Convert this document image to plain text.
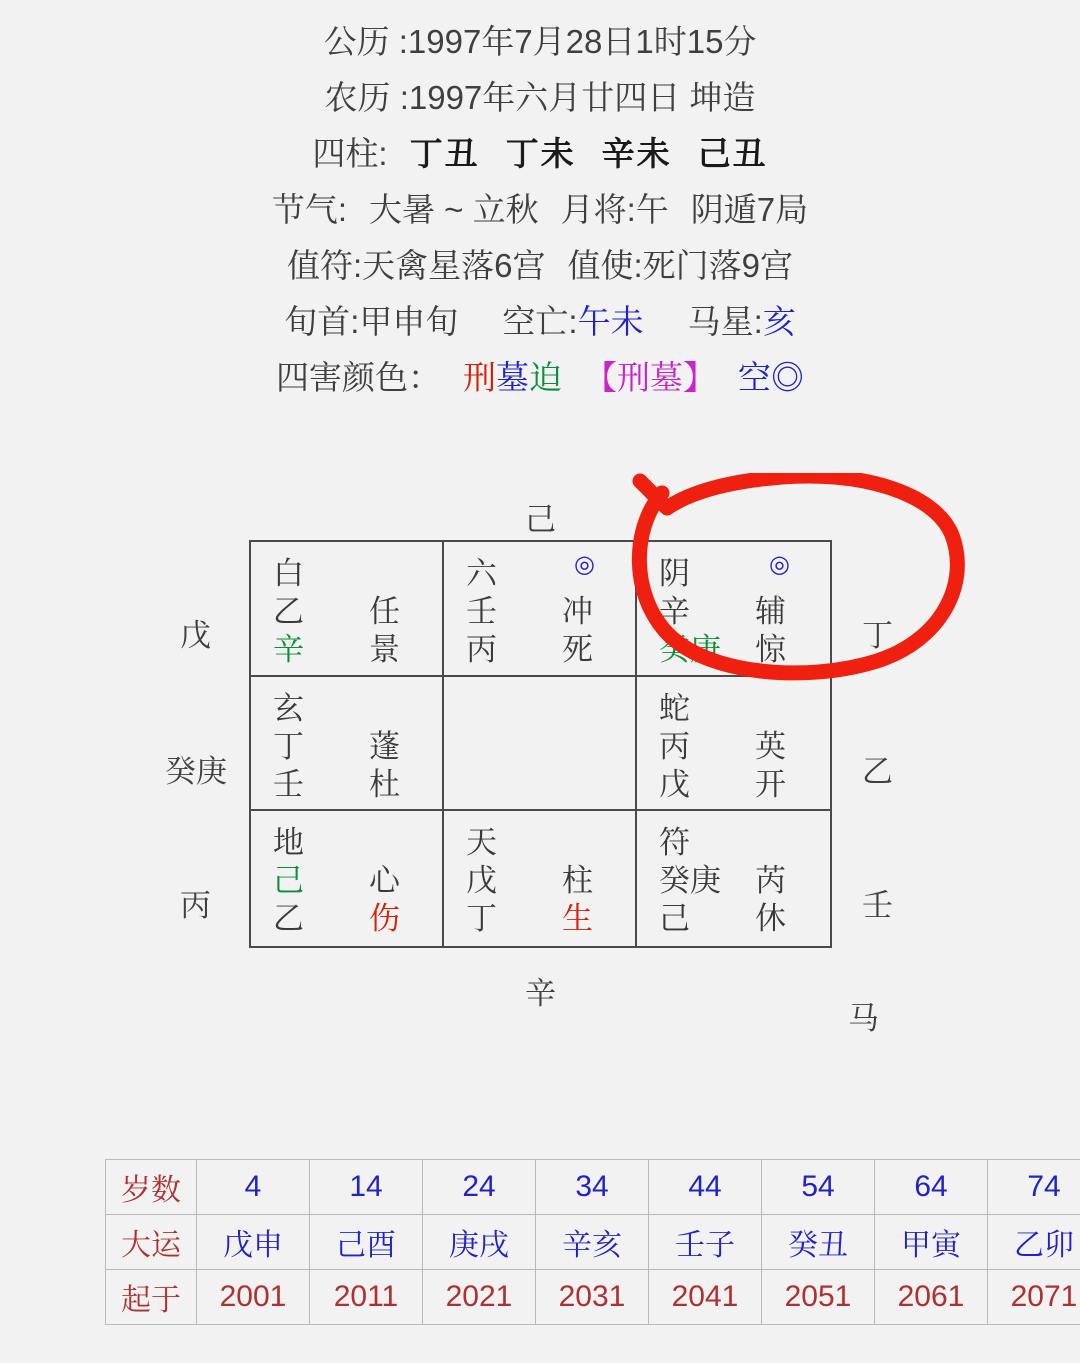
公历 :1997年7月28日1时15分
农历 :1997年六月廿四日 坤造
四柱: 丁丑 丁未 辛未 己丑
节气: 大暑 ~ 立秋 月将:午 阴遁7局
值符:天禽星落6宫 值使:死门落9宫
旬首:甲申旬 空亡:午未 马星:亥
四害颜色： 刑墓迫 【刑墓】 空◎
己
戊
癸庚
丙
丁
乙
壬
辛
马
白
乙 任
辛 景
六	◎
壬 冲
丙 死
阴	◎
辛 辅
癸庚 惊
玄
丁 蓬
壬 杜
蛇
丙 英
戊 开
地
己 心
乙 伤
天
戊 柱
丁 生
符
癸庚 芮
己 休
岁数	4	14	24	34	44	54	64	74
大运	戊申	己酉	庚戌	辛亥	壬子	癸丑	甲寅	乙卯
起于	2001	2011	2021	2031	2041	2051	2061	2071
